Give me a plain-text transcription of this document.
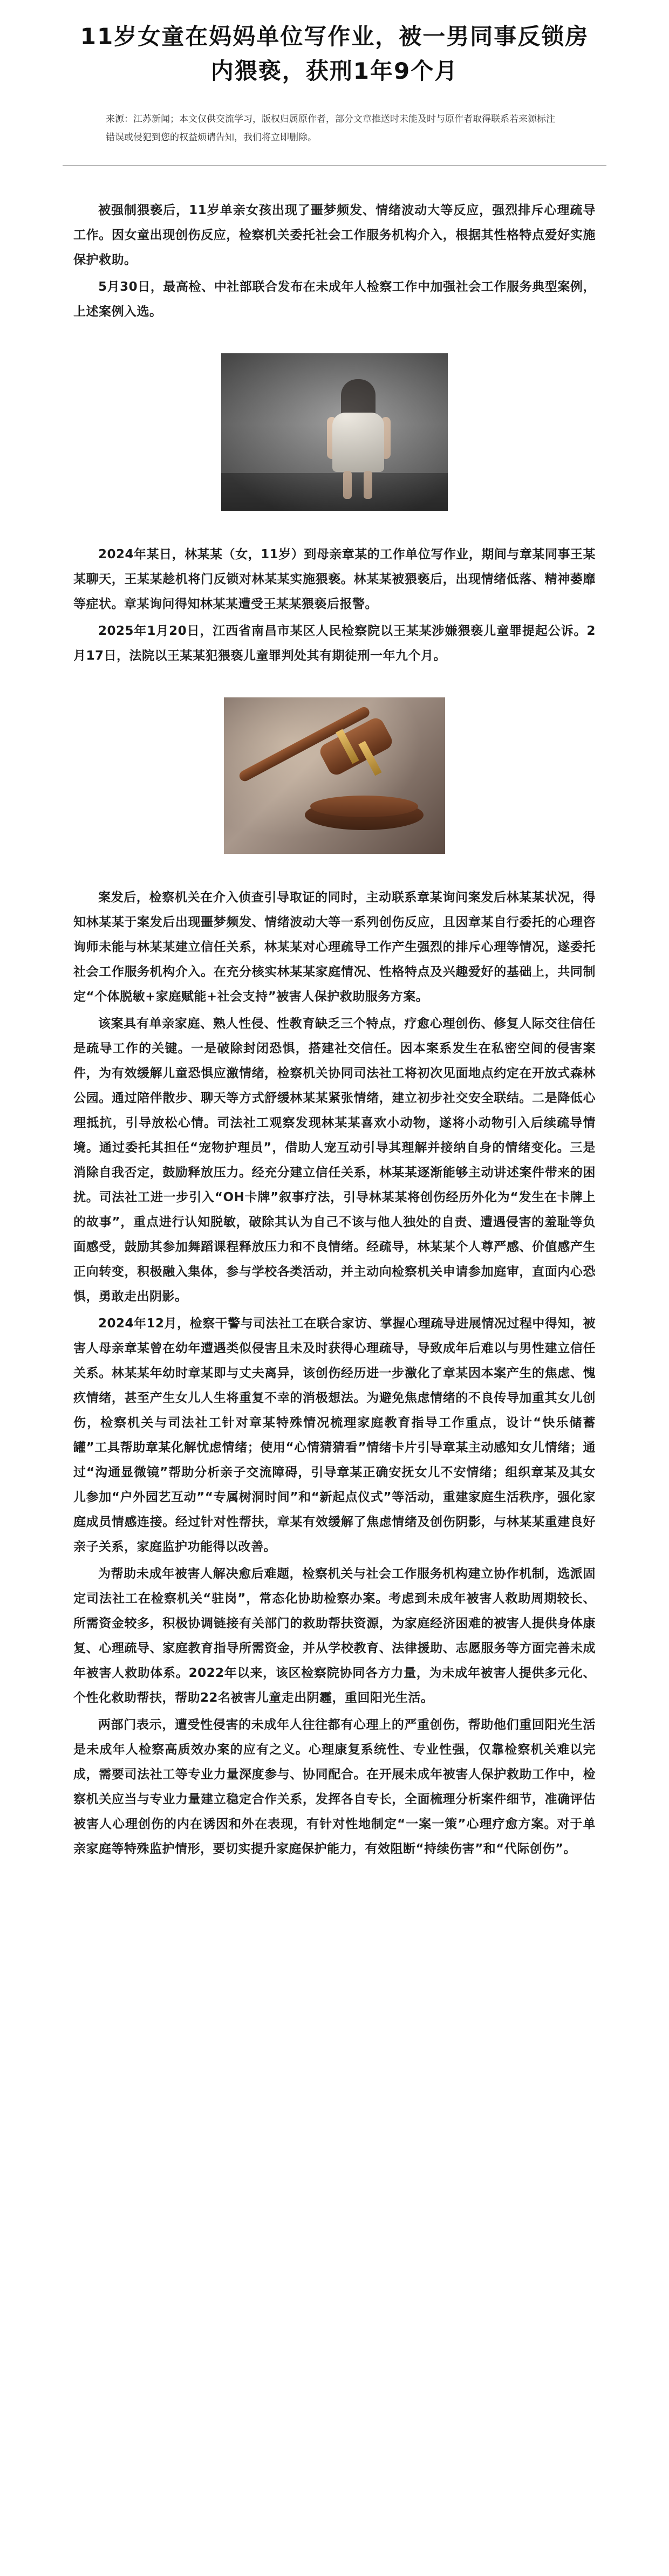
11岁女童在妈妈单位写作业，被一男同事反锁房内猥亵，获刑1年9个月
来源：江苏新闻；本文仅供交流学习，版权归属原作者，部分文章推送时未能及时与原作者取得联系若来源标注错误或侵犯到您的权益烦请告知，我们将立即删除。

被强制猥亵后，11岁单亲女孩出现了噩梦频发、情绪波动大等反应，强烈排斥心理疏导工作。因女童出现创伤反应，检察机关委托社会工作服务机构介入，根据其性格特点爱好实施保护救助。

5月30日，最高检、中社部联合发布在未成年人检察工作中加强社会工作服务典型案例，上述案例入选。

2024年某日，林某某（女，11岁）到母亲章某的工作单位写作业，期间与章某同事王某某聊天，王某某趁机将门反锁对林某某实施猥亵。林某某被猥亵后，出现情绪低落、精神萎靡等症状。章某询问得知林某某遭受王某某猥亵后报警。

2025年1月20日，江西省南昌市某区人民检察院以王某某涉嫌猥亵儿童罪提起公诉。2月17日，法院以王某某犯猥亵儿童罪判处其有期徒刑一年九个月。

案发后，检察机关在介入侦查引导取证的同时，主动联系章某询问案发后林某某状况，得知林某某于案发后出现噩梦频发、情绪波动大等一系列创伤反应，且因章某自行委托的心理咨询师未能与林某某建立信任关系，林某某对心理疏导工作产生强烈的排斥心理等情况，遂委托社会工作服务机构介入。在充分核实林某某家庭情况、性格特点及兴趣爱好的基础上，共同制定“个体脱敏+家庭赋能+社会支持”被害人保护救助服务方案。

该案具有单亲家庭、熟人性侵、性教育缺乏三个特点，疗愈心理创伤、修复人际交往信任是疏导工作的关键。一是破除封闭恐惧，搭建社交信任。因本案系发生在私密空间的侵害案件，为有效缓解儿童恐惧应激情绪，检察机关协同司法社工将初次见面地点约定在开放式森林公园。通过陪伴散步、聊天等方式舒缓林某某紧张情绪，建立初步社交安全联结。二是降低心理抵抗，引导放松心情。司法社工观察发现林某某喜欢小动物，遂将小动物引入后续疏导情境。通过委托其担任“宠物护理员”，借助人宠互动引导其理解并接纳自身的情绪变化。三是消除自我否定，鼓励释放压力。经充分建立信任关系，林某某逐渐能够主动讲述案件带来的困扰。司法社工进一步引入“OH卡牌”叙事疗法，引导林某某将创伤经历外化为“发生在卡牌上的故事”，重点进行认知脱敏，破除其认为自己不该与他人独处的自责、遭遇侵害的羞耻等负面感受，鼓励其参加舞蹈课程释放压力和不良情绪。经疏导，林某某个人尊严感、价值感产生正向转变，积极融入集体，参与学校各类活动，并主动向检察机关申请参加庭审，直面内心恐惧，勇敢走出阴影。

2024年12月，检察干警与司法社工在联合家访、掌握心理疏导进展情况过程中得知，被害人母亲章某曾在幼年遭遇类似侵害且未及时获得心理疏导，导致成年后难以与男性建立信任关系。林某某年幼时章某即与丈夫离异，该创伤经历进一步激化了章某因本案产生的焦虑、愧疚情绪，甚至产生女儿人生将重复不幸的消极想法。为避免焦虑情绪的不良传导加重其女儿创伤，检察机关与司法社工针对章某特殊情况梳理家庭教育指导工作重点，设计“快乐储蓄罐”工具帮助章某化解忧虑情绪；使用“心情猜猜看”情绪卡片引导章某主动感知女儿情绪；通过“沟通显微镜”帮助分析亲子交流障碍，引导章某正确安抚女儿不安情绪；组织章某及其女儿参加“户外园艺互动”“专属树洞时间”和“新起点仪式”等活动，重建家庭生活秩序，强化家庭成员情感连接。经过针对性帮扶，章某有效缓解了焦虑情绪及创伤阴影，与林某某重建良好亲子关系，家庭监护功能得以改善。

为帮助未成年被害人解决愈后难题，检察机关与社会工作服务机构建立协作机制，选派固定司法社工在检察机关“驻岗”，常态化协助检察办案。考虑到未成年被害人救助周期较长、所需资金较多，积极协调链接有关部门的救助帮扶资源，为家庭经济困难的被害人提供身体康复、心理疏导、家庭教育指导所需资金，并从学校教育、法律援助、志愿服务等方面完善未成年被害人救助体系。2022年以来，该区检察院协同各方力量，为未成年被害人提供多元化、个性化救助帮扶，帮助22名被害儿童走出阴霾，重回阳光生活。

两部门表示，遭受性侵害的未成年人往往都有心理上的严重创伤，帮助他们重回阳光生活是未成年人检察高质效办案的应有之义。心理康复系统性、专业性强，仅靠检察机关难以完成，需要司法社工等专业力量深度参与、协同配合。在开展未成年被害人保护救助工作中，检察机关应当与专业力量建立稳定合作关系，发挥各自专长，全面梳理分析案件细节，准确评估被害人心理创伤的内在诱因和外在表现，有针对性地制定“一案一策”心理疗愈方案。对于单亲家庭等特殊监护情形，要切实提升家庭保护能力，有效阻断“持续伤害”和“代际创伤”。
